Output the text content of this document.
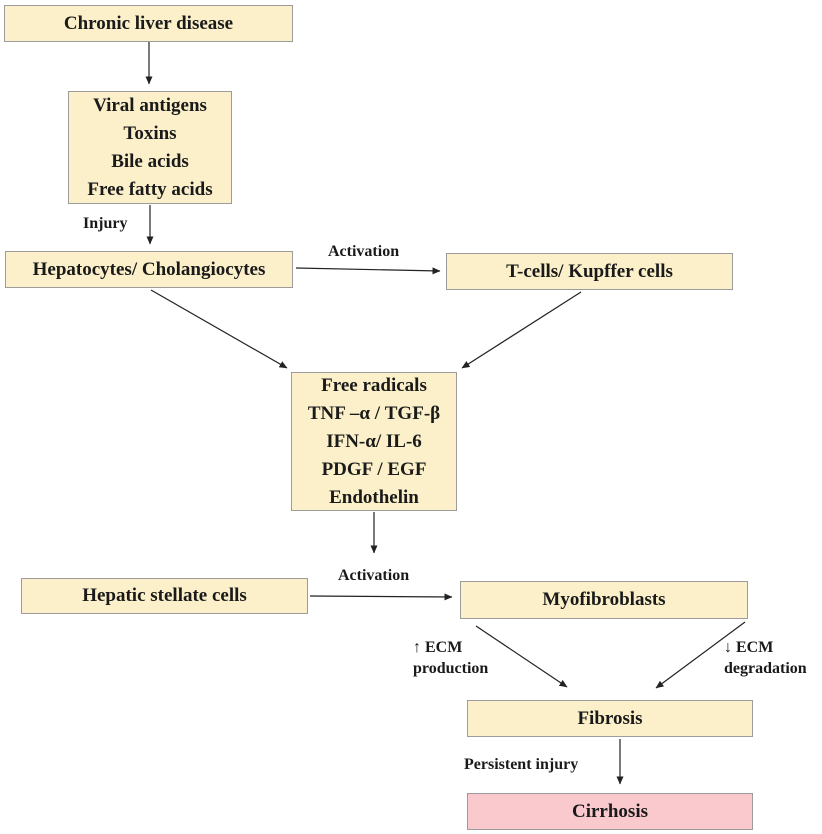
Chronic liver disease
Viral antigens
Toxins
Bile acids
Free fatty acids
Hepatocytes/ Cholangiocytes	T-cells/ Kupffer cells
Free radicals
TNF –α / TGF-β
IFN-α/ IL-6
PDGF / EGF
Endothelin
Hepatic stellate cells	Myofibroblasts
Fibrosis
Cirrhosis
Injury
Activation
Activation
↑ ECM
production
↓ ECM
degradation
Persistent injury
